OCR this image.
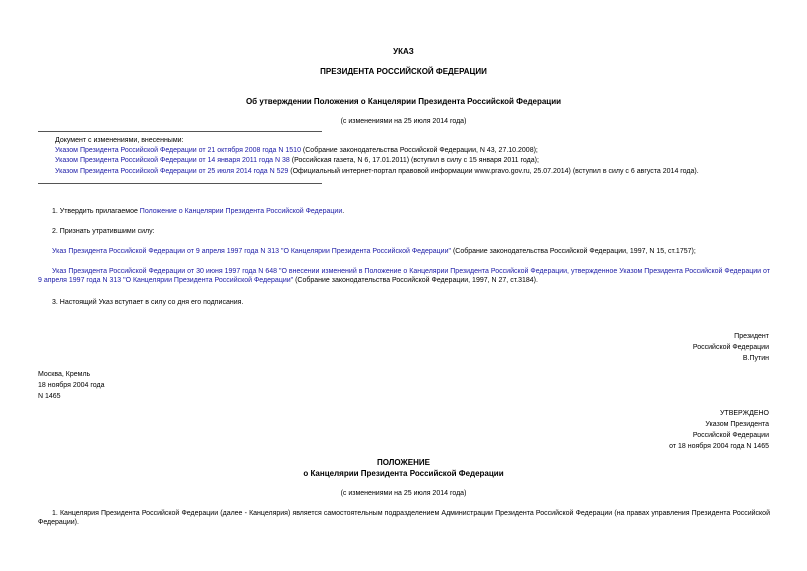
УКАЗ
ПРЕЗИДЕНТА РОССИЙСКОЙ ФЕДЕРАЦИИ
Об утверждении Положения о Канцелярии Президента Российской Федерации
(с изменениями на 25 июля 2014 года)
Документ с изменениями, внесенными:
Указом Президента Российской Федерации от 21 октября 2008 года N 1510 (Собрание законодательства Российской Федерации, N 43, 27.10.2008);
Указом Президента Российской Федерации от 14 января 2011 года N 38 (Российская газета, N 6, 17.01.2011) (вступил в силу с 15 января 2011 года);
Указом Президента Российской Федерации от 25 июля 2014 года N 529 (Официальный интернет-портал правовой информации www.pravo.gov.ru, 25.07.2014) (вступил в силу с 6 августа 2014 года).
1. Утвердить прилагаемое Положение о Канцелярии Президента Российской Федерации.
2. Признать утратившими силу:
Указ Президента Российской Федерации от 9 апреля 1997 года N 313 "О Канцелярии Президента Российской Федерации" (Собрание законодательства Российской Федерации, 1997, N 15, ст.1757);
Указ Президента Российской Федерации от 30 июня 1997 года N 648 "О внесении изменений в Положение о Канцелярии Президента Российской Федерации, утвержденное Указом Президента Российской Федерации от 9 апреля 1997 года N 313 "О Канцелярии Президента Российской Федерации" (Собрание законодательства Российской Федерации, 1997, N 27, ст.3184).
3. Настоящий Указ вступает в силу со дня его подписания.
Президент
Российской Федерации
В.Путин
Москва, Кремль
18 ноября 2004 года
N 1465
УТВЕРЖДЕНО
Указом Президента
Российской Федерации
от 18 ноября 2004 года N 1465
ПОЛОЖЕНИЕ
о Канцелярии Президента Российской Федерации
(с изменениями на 25 июля 2014 года)
1. Канцелярия Президента Российской Федерации (далее - Канцелярия) является самостоятельным подразделением Администрации Президента Российской Федерации (на правах управления Президента Российской Федерации).
